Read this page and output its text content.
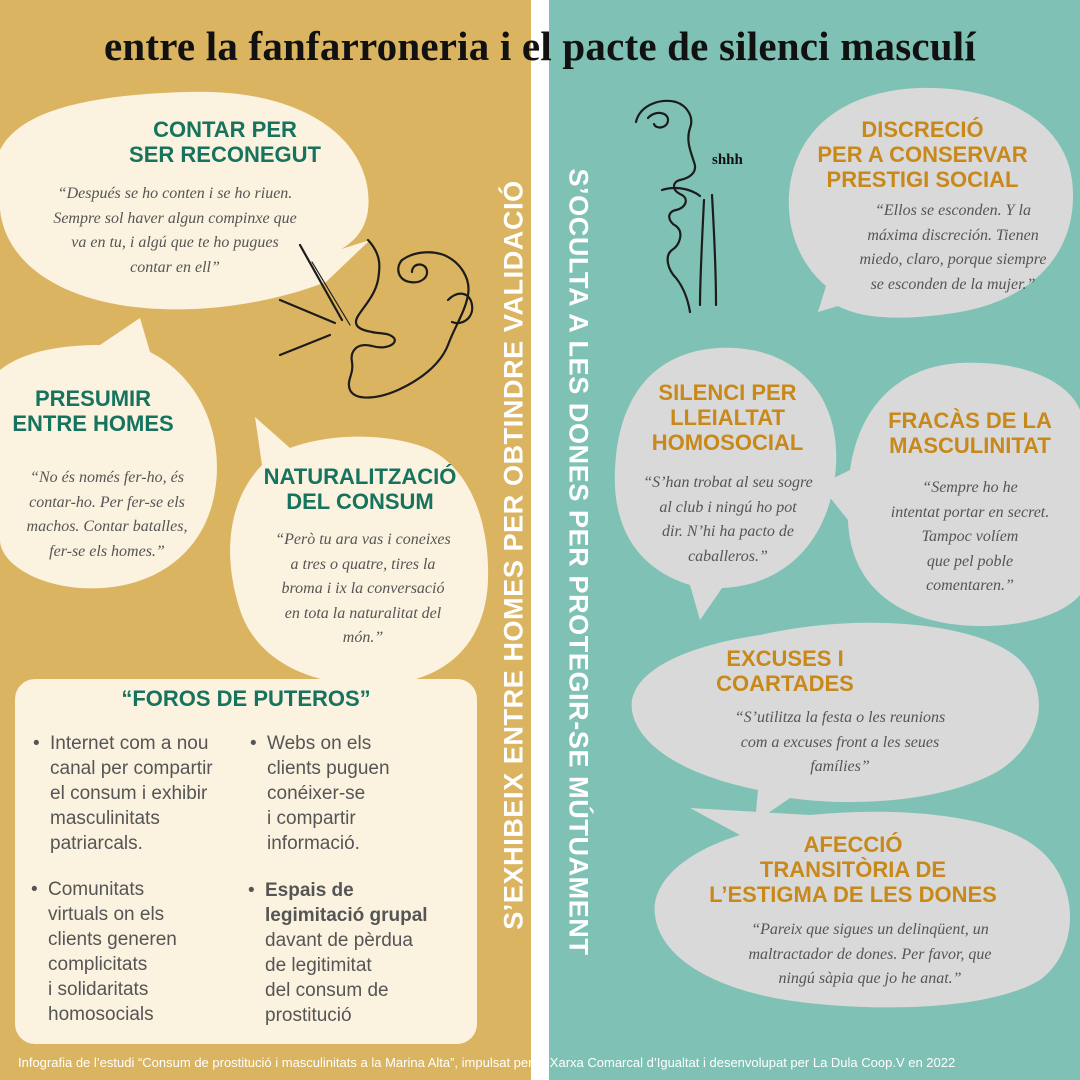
entre la fanfarroneria i el pacte de silenci masculí
S’EXHIBEIX ENTRE HOMES PER OBTINDRE VALIDACIÓ S’OCULTA A LES DONES PER PROTEGIR-SE MÚTUAMENT
shhh
CONTAR PER
SER RECONEGUT
“Después se ho conten i se ho riuen.
Sempre sol haver algun compinxe que
va en tu, i algú que te ho pugues
contar en ell”
PRESUMIR
ENTRE HOMES
“No és només fer-ho, és
contar-ho. Per fer-se els
machos. Contar batalles,
fer-se els homes.”
NATURALITZACIÓ
DEL CONSUM
“Però tu ara vas i coneixes
a tres o quatre, tires la
broma i ix la conversació
en tota la naturalitat del
món.”
“FOROS DE PUTEROS”
• Internet com a nou
canal per compartir
el consum i exhibir
masculinitats
patriarcals.
• Webs on els
clients puguen
conéixer-se
i compartir
informació.
• Comunitats
virtuals on els
clients generen
complicitats
i solidaritats
homosocials
• Espais de
legimitació grupal
davant de pèrdua
de legitimitat
del consum de
prostitució
DISCRECIÓ
PER A CONSERVAR
PRESTIGI SOCIAL
“Ellos se esconden. Y la
máxima discreción. Tienen
miedo, claro, porque siempre
se esconden de la mujer.”
SILENCI PER
LLEIALTAT
HOMOSOCIAL
“S’han trobat al seu sogre
al club i ningú ho pot
dir. N’hi ha pacto de
caballeros.”
FRACÀS DE LA
MASCULINITAT
“Sempre ho he
intentat portar en secret.
Tampoc volíem
que pel poble
comentaren.”
EXCUSES I
COARTADES
“S’utilitza la festa o les reunions
com a excuses front a les seues
famílies”
AFECCIÓ
TRANSITÒRIA DE
L’ESTIGMA DE LES DONES
“Pareix que sigues un delinqüent, un
maltractador de dones. Per favor, que
ningú sàpia que jo he anat.”
Infografia de l’estudi “Consum de prostitució i masculinitats a la Marina Alta”, impulsat per la Xarxa Comarcal d’Igualtat i desenvolupat per La Dula Coop.V en 2022
